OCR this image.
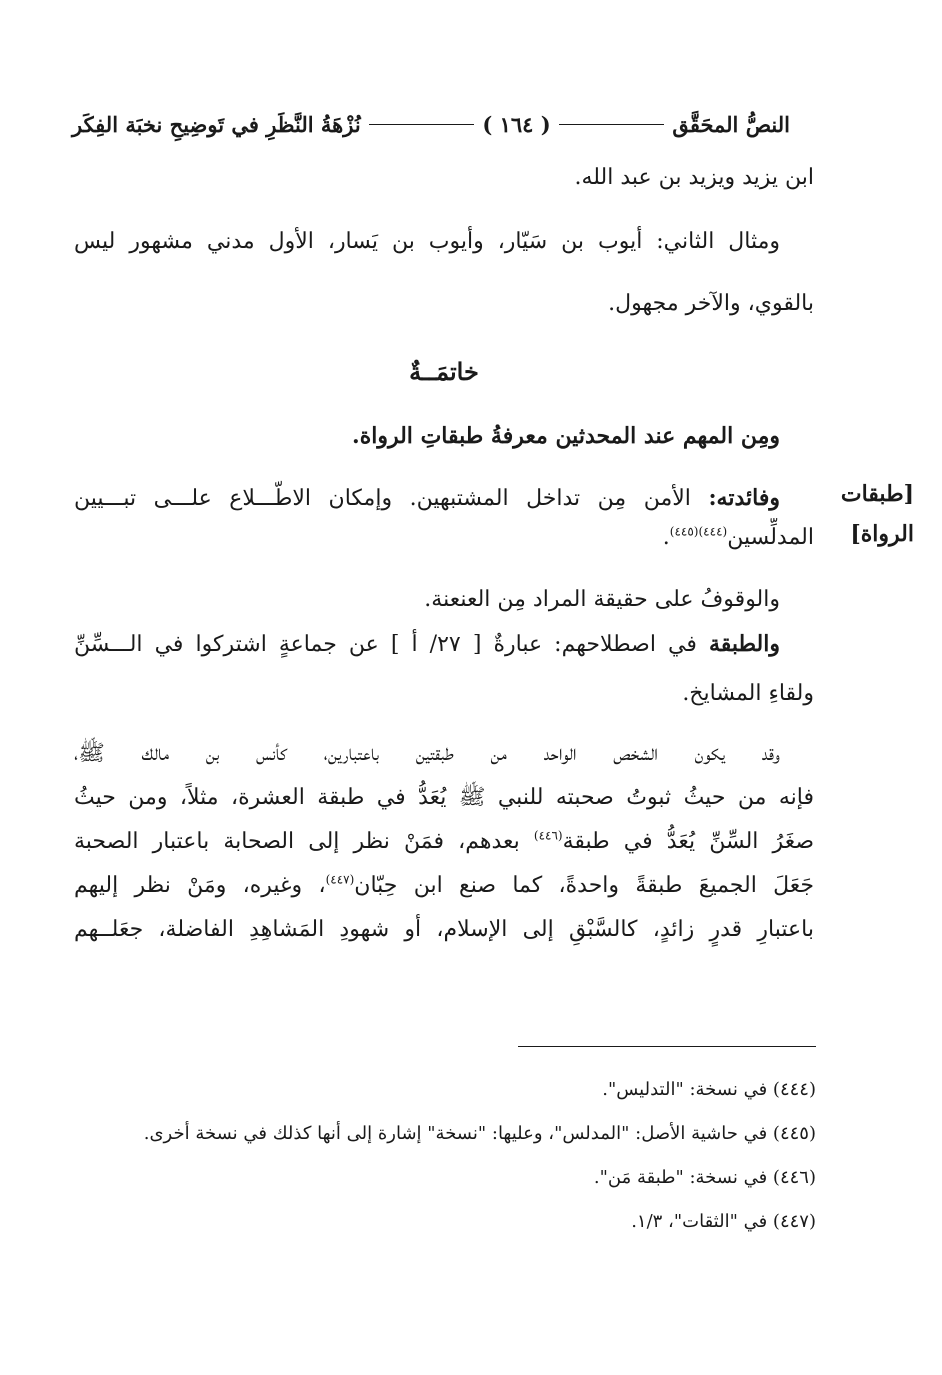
النصُّ المحَقَّق
( ١٦٤ )
نُزْهَةُ النَّظَرِ في تَوضِيحِ نخبَة الفِكَر
ابن يزيد ويزيد بن عبد الله.
ومثال الثاني: أيوب بن سَيّار، وأيوب بن يَسار، الأول مدني مشهور ليس
بالقوي، والآخر مجهول.
خاتمَــةٌ
ومِن المهم عند المحدثين معرفةُ طبقاتِ الرواة.
وفائدته: الأمن مِن تداخل المشتبهين. وإمكان الاطّـــلاع علـــى تبـــيين
المدلِّسين$^{(٤٤٤)(٤٤٥)}$.
والوقوفُ على حقيقة المراد مِن العنعنة.
والطبقة في اصطلاحهم: عبارةٌ [ ٢٧/ أ ] عن جماعةٍ اشتركوا في الـــسِّنِّ
ولقاءِ المشايخ.
وقد يكون الشخص الواحد من طبقتين باعتبارين، كأنس بن مالك ﷺ،
فإنه من حيثُ ثبوتُ صحبته للنبي ﷺ يُعَدُّ في طبقة العشرة، مثلاً، ومن حيثُ
صغَرُ السِّنِّ يُعَدُّ في طبقة$^{(٤٤٦)}$ بعدهم، فمَنْ نظر إلى الصحابة باعتبار الصحبة
جَعَلَ الجميعَ طبقةً واحدةً، كما صنع ابن حِبّان$^{(٤٤٧)}$، وغيره، ومَنْ نظر إليهم
باعتبارِ قدرٍ زائدٍ، كالسَّبْقِ إلى الإسلام، أو شهودِ المَشاهِدِ الفاضلة، جعَلــهم
[طبقات
الرواة]
(٤٤٤) في نسخة: "التدليس".
(٤٤٥) في حاشية الأصل: "المدلس"، وعليها: "نسخة" إشارة إلى أنها كذلك في نسخة أخرى.
(٤٤٦) في نسخة: "طبقة مَن".
(٤٤٧) في "الثقات"، ١/٣.
